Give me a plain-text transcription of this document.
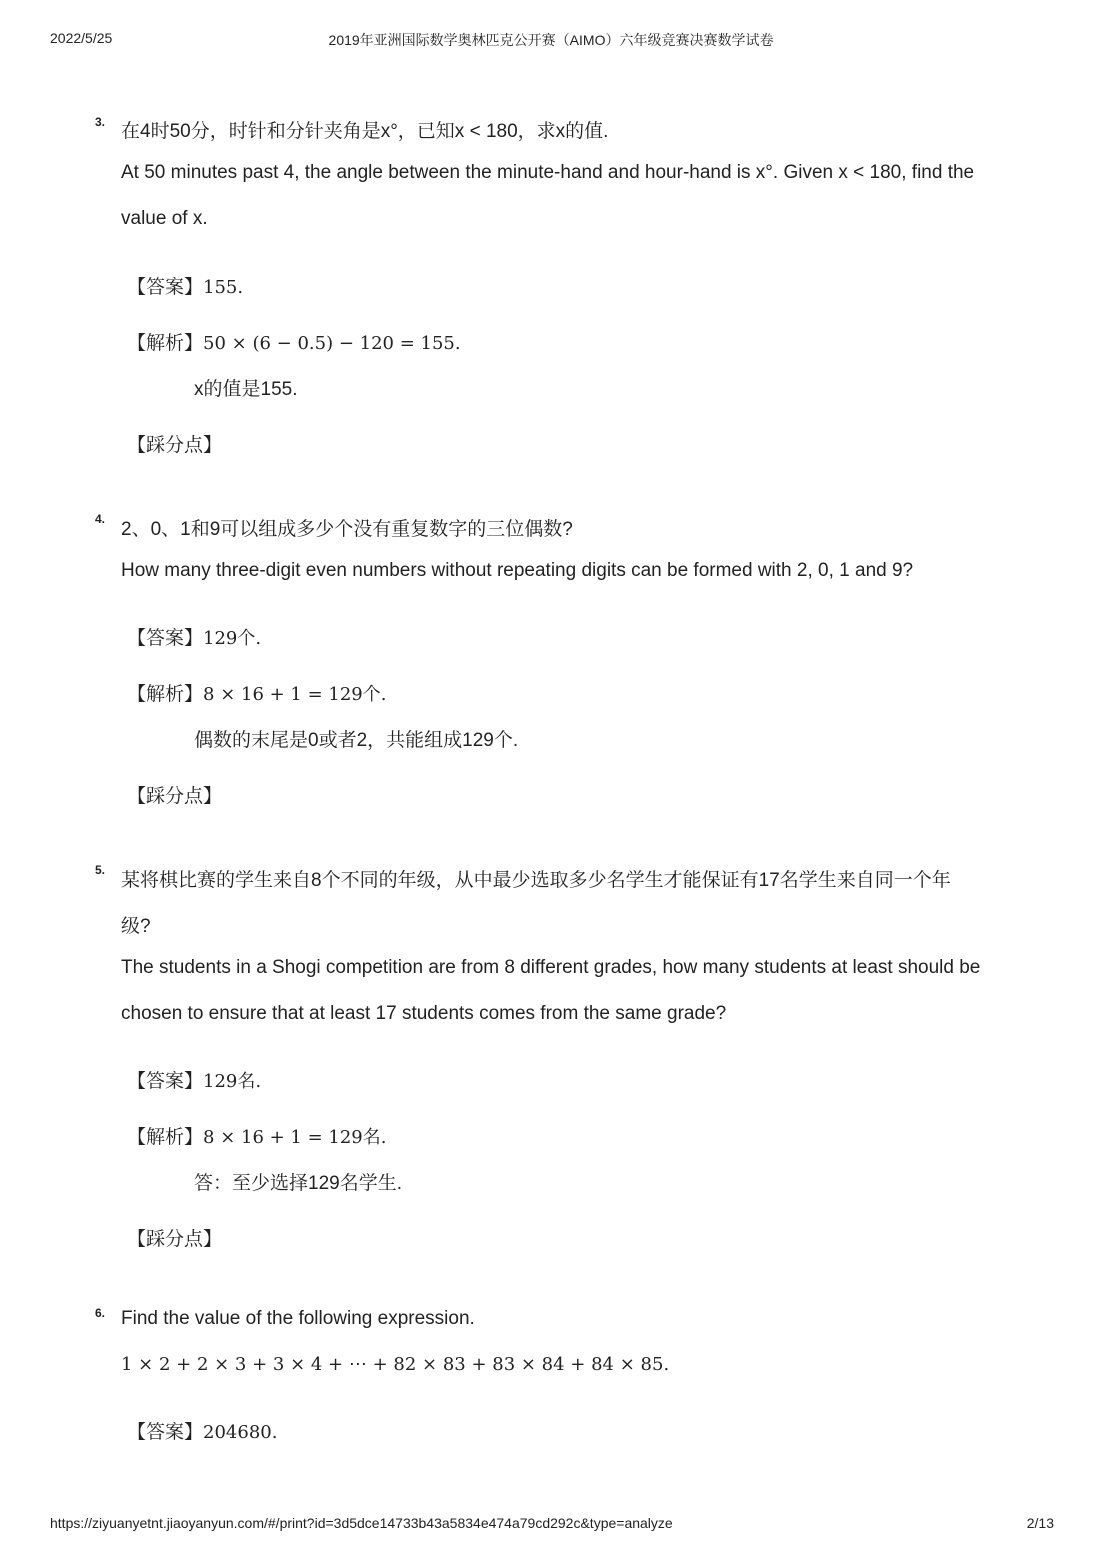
2022/5/25	2019年亚洲国际数学奥林匹克公开赛（AIMO）六年级竞赛决赛数学试卷
3. 在4时50分，时针和分针夹角是x°，已知x < 180，求x的值.
At 50 minutes past 4, the angle between the minute-hand and hour-hand is x°. Given x < 180, find the
value of x.
【答案】155.
【解析】50 × (6 − 0.5) − 120 = 155.
x的值是155.
【踩分点】
4. 2、0、1和9可以组成多少个没有重复数字的三位偶数?
How many three-digit even numbers without repeating digits can be formed with 2, 0, 1 and 9?
【答案】129个.
【解析】8 × 16 + 1 = 129个.
偶数的末尾是0或者2，共能组成129个.
【踩分点】
5. 某将棋比赛的学生来自8个不同的年级，从中最少选取多少名学生才能保证有17名学生来自同一个年
级?
The students in a Shogi competition are from 8 different grades, how many students at least should be
chosen to ensure that at least 17 students comes from the same grade?
【答案】129名.
【解析】8 × 16 + 1 = 129名.
答：至少选择129名学生.
【踩分点】
6. Find the value of the following expression.
1 × 2 + 2 × 3 + 3 × 4 + ⋯ + 82 × 83 + 83 × 84 + 84 × 85.
【答案】204680.
https://ziyuanyetnt.jiaoyanyun.com/#/print?id=3d5dce14733b43a5834e474a79cd292c&type=analyze	2/13
